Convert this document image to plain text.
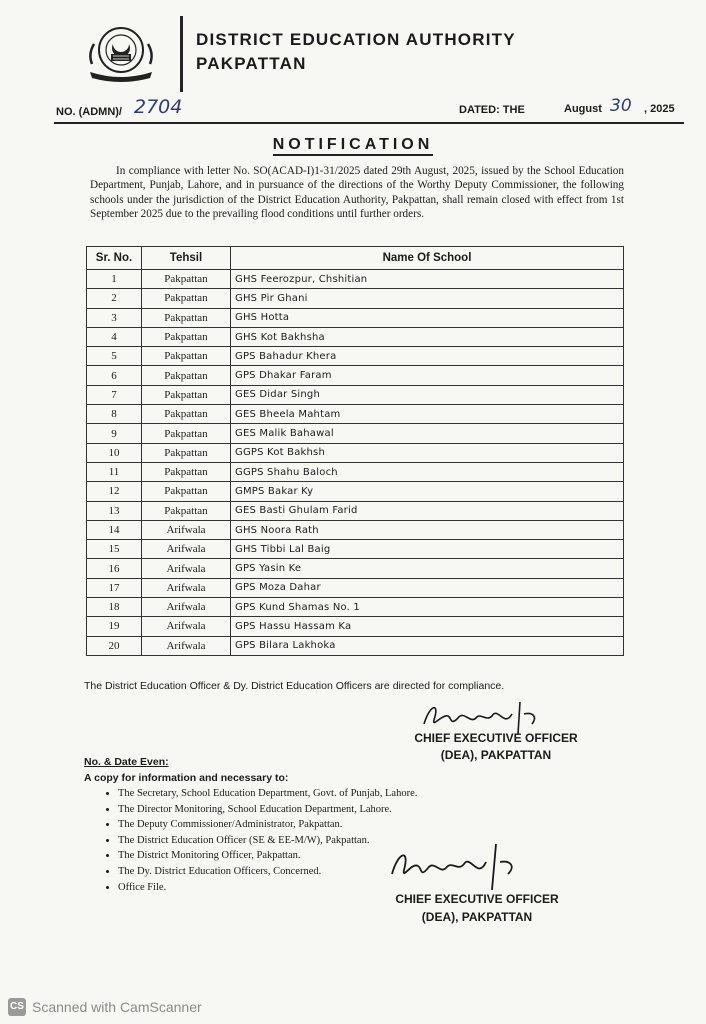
DISTRICT EDUCATION AUTHORITY
PAKPATTAN
NO. (ADMN)/ 2704	DATED: THE	August 30 , 2025
NOTIFICATION
In compliance with letter No. SO(ACAD-I)1-31/2025 dated 29th August, 2025, issued by the School Education Department, Punjab, Lahore, and in pursuance of the directions of the Worthy Deputy Commissioner, the following schools under the jurisdiction of the District Education Authority, Pakpattan, shall remain closed with effect from 1st September 2025 due to the prevailing flood conditions until further orders.
Sr. No.	Tehsil	Name Of School
1	Pakpattan	GHS Feerozpur, Chshitian
2	Pakpattan	GHS Pir Ghani
3	Pakpattan	GHS Hotta
4	Pakpattan	GHS Kot Bakhsha
5	Pakpattan	GPS Bahadur Khera
6	Pakpattan	GPS Dhakar Faram
7	Pakpattan	GES Didar Singh
8	Pakpattan	GES Bheela Mahtam
9	Pakpattan	GES Malik Bahawal
10	Pakpattan	GGPS Kot Bakhsh
11	Pakpattan	GGPS Shahu Baloch
12	Pakpattan	GMPS Bakar Ky
13	Pakpattan	GES Basti Ghulam Farid
14	Arifwala	GHS Noora Rath
15	Arifwala	GHS Tibbi Lal Baig
16	Arifwala	GPS Yasin Ke
17	Arifwala	GPS Moza Dahar
18	Arifwala	GPS Kund Shamas No. 1
19	Arifwala	GPS Hassu Hassam Ka
20	Arifwala	GPS Bilara Lakhoka
The District Education Officer & Dy. District Education Officers are directed for compliance.
CHIEF EXECUTIVE OFFICER
(DEA), PAKPATTAN
No. & Date Even:
A copy for information and necessary to:
• The Secretary, School Education Department, Govt. of Punjab, Lahore.
• The Director Monitoring, School Education Department, Lahore.
• The Deputy Commissioner/Administrator, Pakpattan.
• The District Education Officer (SE & EE-M/W), Pakpattan.
• The District Monitoring Officer, Pakpattan.
• The Dy. District Education Officers, Concerned.
• Office File.
CHIEF EXECUTIVE OFFICER
(DEA), PAKPATTAN
CS Scanned with CamScanner
